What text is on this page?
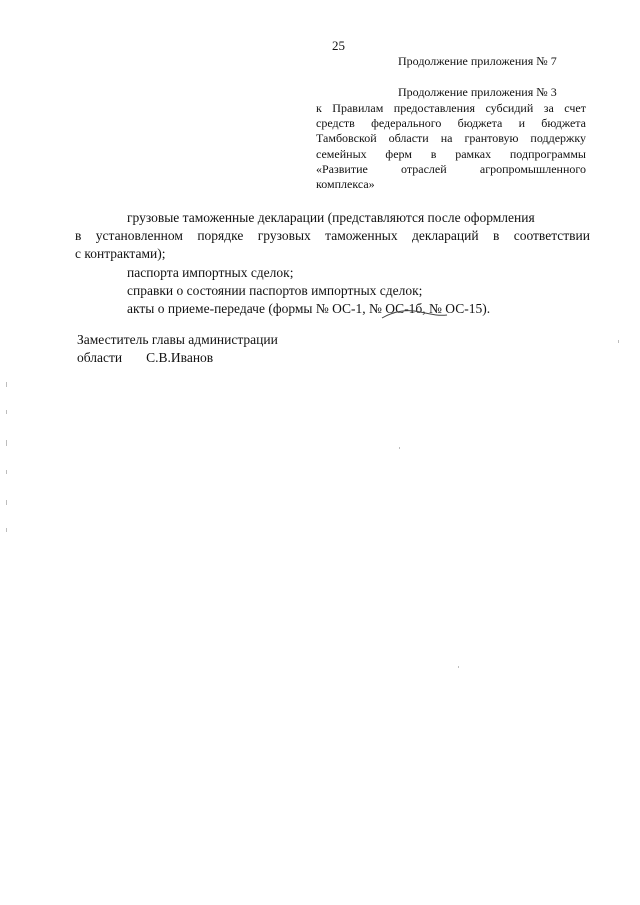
25
Продолжение приложения № 7
Продолжение приложения № 3
к Правилам предоставления субсидий за счет
средств федерального бюджета и бюджета
Тамбовской области на грантовую поддержку
семейных ферм в рамках подпрограммы
«Развитие отраслей агропромышленного
комплекса»
грузовые таможенные декларации (представляются после оформления
в установленном порядке грузовых таможенных деклараций в соответствии
с контрактами);
паспорта импортных сделок;
справки о состоянии паспортов импортных сделок;
акты о приеме-передаче (формы № ОС-1, № ОС-1б, № ОС-15).
Заместитель главы администрации
области С.В.Иванов
